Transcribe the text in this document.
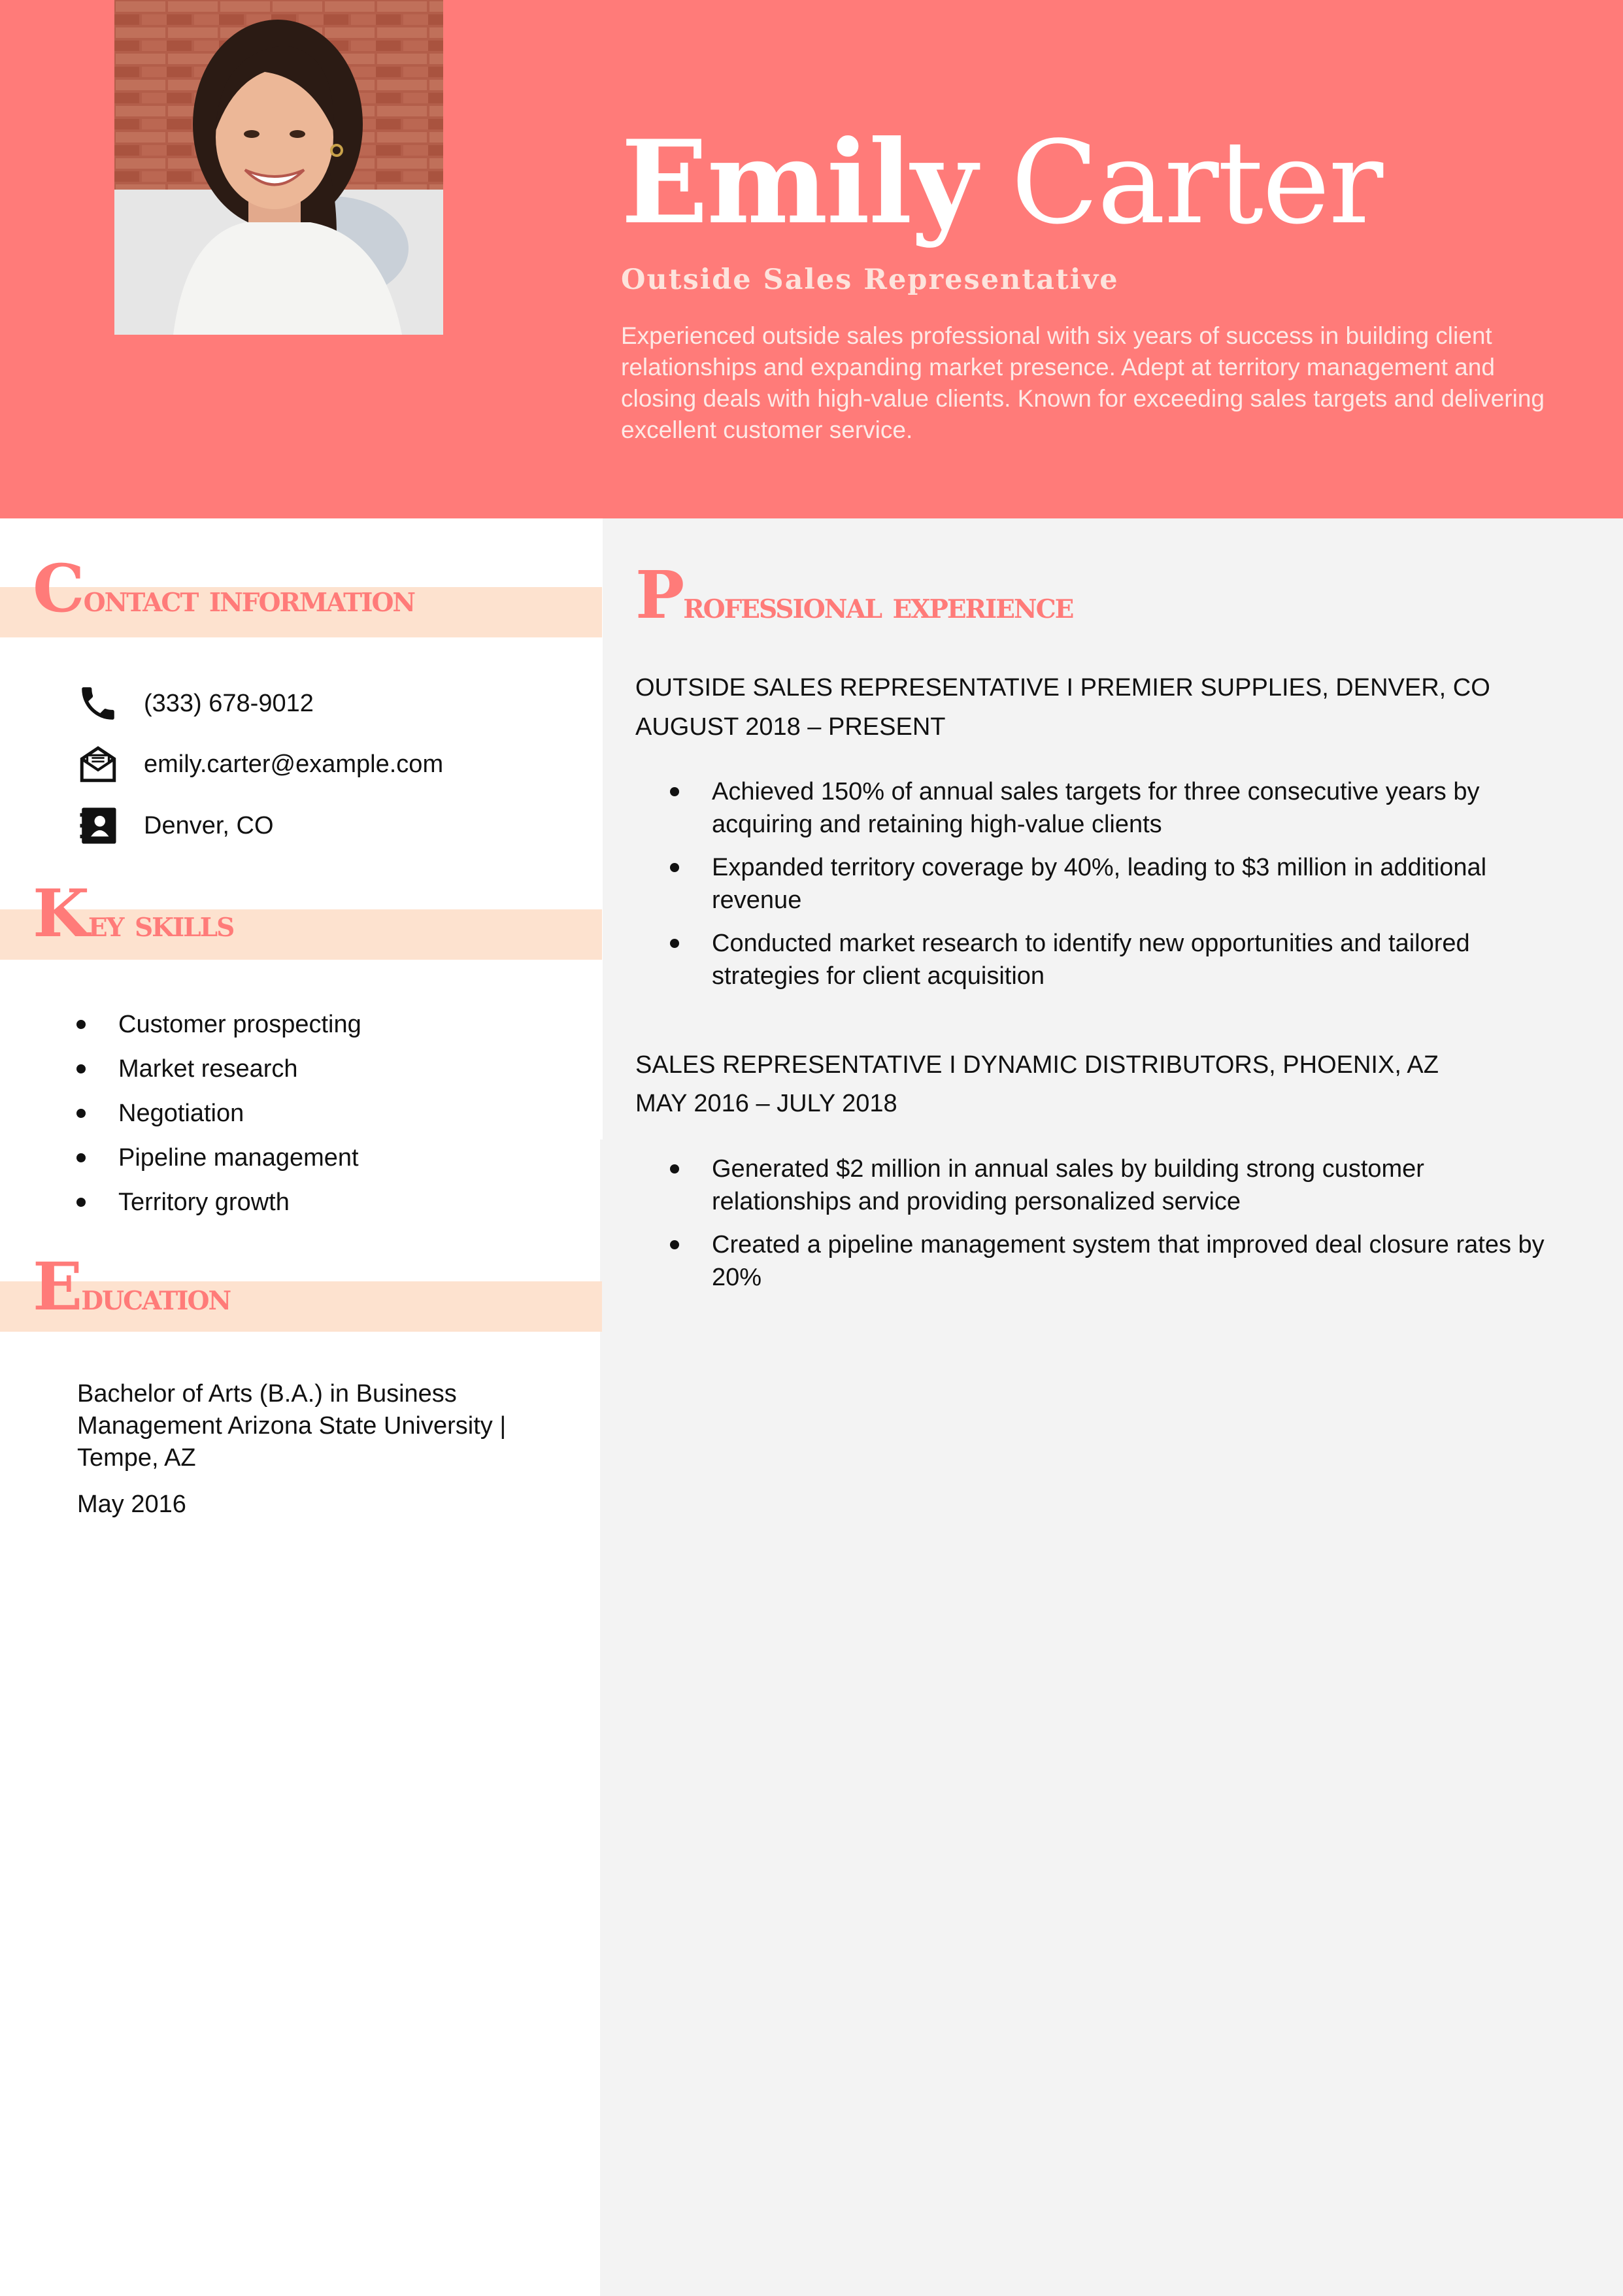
Emily Carter
Outside Sales Representative

Experienced outside sales professional with six years of success in building client relationships and expanding market presence. Adept at territory management and closing deals with high-value clients. Known for exceeding sales targets and delivering excellent customer service.

Contact information
(333) 678-9012
emily.carter@example.com
Denver, CO
Key skills
Customer prospecting
Market research
Negotiation
Pipeline management
Territory growth
Education

Bachelor of Arts (B.A.) in Business Management Arizona State University | Tempe, AZ

May 2016
Professional experience
OUTSIDE SALES REPRESENTATIVE I PREMIER SUPPLIES, DENVER, CO
AUGUST 2018 – PRESENT
Achieved 150% of annual sales targets for three consecutive years by acquiring and retaining high-value clients
Expanded territory coverage by 40%, leading to $3 million in additional revenue
Conducted market research to identify new opportunities and tailored strategies for client acquisition
SALES REPRESENTATIVE I DYNAMIC DISTRIBUTORS, PHOENIX, AZ
MAY 2016 – JULY 2018
Generated $2 million in annual sales by building strong customer relationships and providing personalized service
Created a pipeline management system that improved deal closure rates by 20%
